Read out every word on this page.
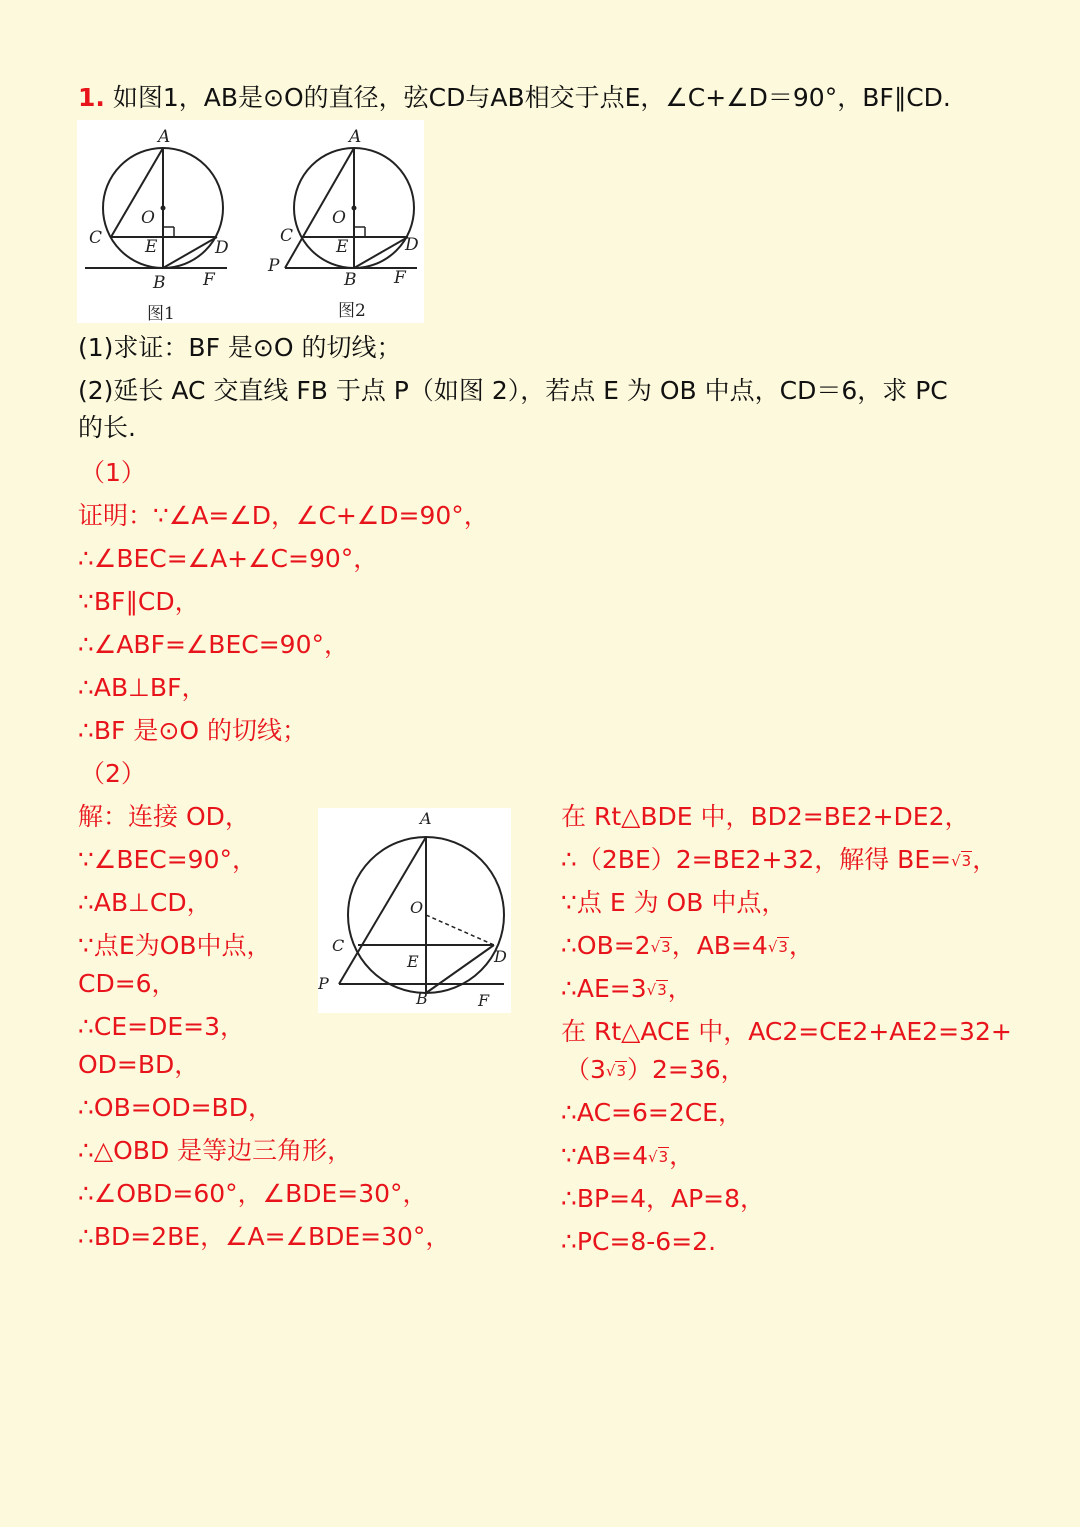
1. 如图1，AB是⊙O的直径，弦CD与AB相交于点E，∠C+∠D＝90°，BF∥CD.
A
O
C	E	D
B F
图1
A
O
C
E	D
P
B F
图2
(1)求证：BF 是⊙O 的切线；
(2)延长 AC 交直线 FB 于点 P（如图 2），若点 E 为 OB 中点，CD＝6，求 PC
的长.
（1）
证明：∵∠A=∠D，∠C+∠D=90°，
∴∠BEC=∠A+∠C=90°，
∵BF∥CD，
∴∠ABF=∠BEC=90°，
∴AB⊥BF，
∴BF 是⊙O 的切线；
（2）
解：连接 OD，
∵∠BEC=90°，
∴AB⊥CD，
∵点E为OB中点，
CD=6，
∴CE=DE=3，
OD=BD，
∴OB=OD=BD，
∴△OBD 是等边三角形，
∴∠OBD=60°，∠BDE=30°，
∴BD=2BE，∠A=∠BDE=30°，
A
O
C
E	D
P
B	F
在 Rt△BDE 中，BD2=BE2+DE2，
∴（2BE）2=BE2+32，解得 BE=√3，
∵点 E 为 OB 中点，
∴OB=2√3，AB=4√3，
∴AE=3√3，
在 Rt△ACE 中，AC2=CE2+AE2=32+
（3√3）2=36，
∴AC=6=2CE，
∵AB=4√3，
∴BP=4，AP=8，
∴PC=8-6=2.
